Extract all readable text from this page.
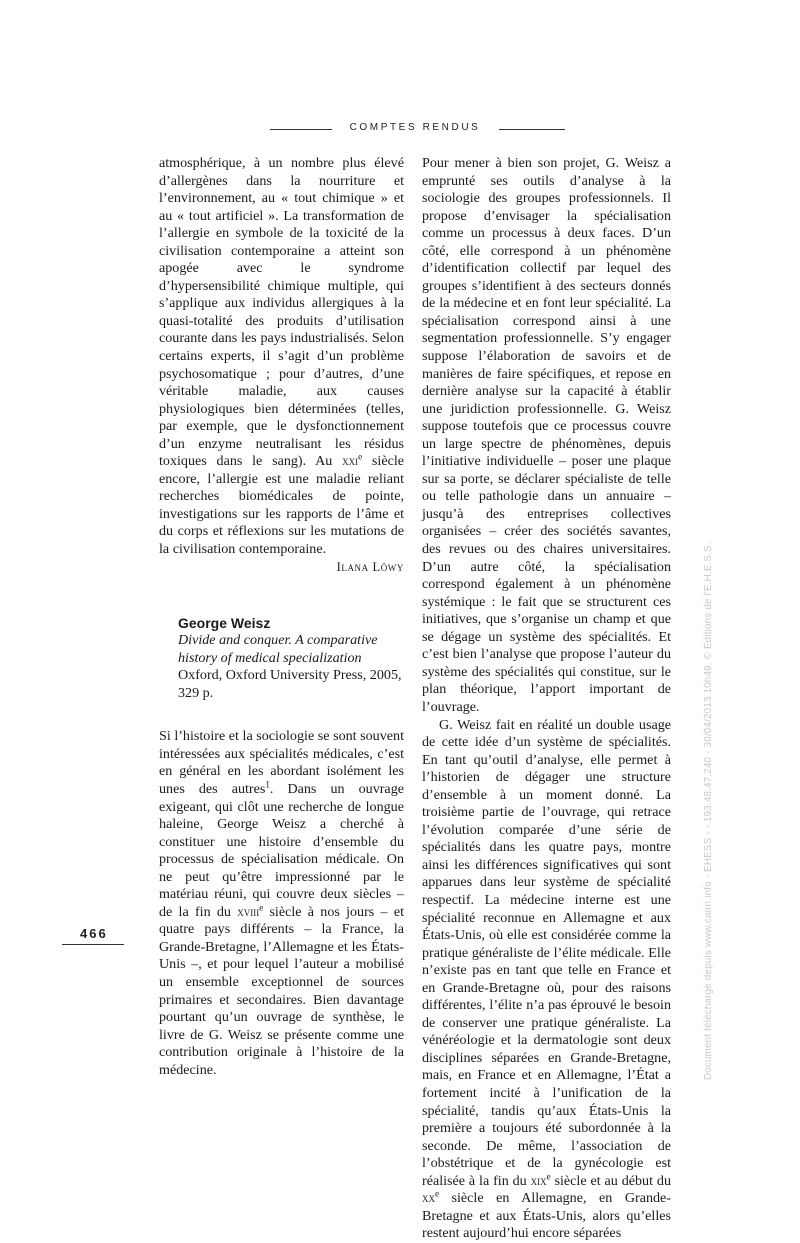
COMPTES RENDUS

atmosphérique, à un nombre plus élevé d’allergènes dans la nourriture et l’environnement, au « tout chimique » et au « tout artificiel ». La transformation de l’allergie en symbole de la toxicité de la civilisation contemporaine a atteint son apogée avec le syndrome d’hypersensibilité chimique multiple, qui s’applique aux individus allergiques à la quasi-totalité des produits d’utilisation courante dans les pays industrialisés. Selon certains experts, il s’agit d’un problème psychosomatique ; pour d’autres, d’une véritable maladie, aux causes physiologiques bien déterminées (telles, par exemple, que le dysfonctionnement d’un enzyme neutralisant les résidus toxiques dans le sang). Au xxi$^e$ siècle encore, l’allergie est une maladie reliant recherches biomédicales de pointe, investigations sur les rapports de l’âme et du corps et réflexions sur les mutations de la civilisation contemporaine.

Ilana Löwy

George Weisz
Divide and conquer. A comparative history of medical specialization
Oxford, Oxford University Press, 2005, 329 p.

Si l’histoire et la sociologie se sont souvent intéressées aux spécialités médicales, c’est en général en les abordant isolément les unes des autres$^1$. Dans un ouvrage exigeant, qui clôt une recherche de longue haleine, George Weisz a cherché à constituer une histoire d’ensemble du processus de spécialisation médicale. On ne peut qu’être impressionné par le matériau réuni, qui couvre deux siècles – de la fin du xviii$^e$ siècle à nos jours – et quatre pays différents – la France, la Grande-Bretagne, l’Allemagne et les États-Unis –, et pour lequel l’auteur a mobilisé un ensemble exceptionnel de sources primaires et secondaires. Bien davantage pourtant qu’un ouvrage de synthèse, le livre de G. Weisz se présente comme une contribution originale à l’histoire de la médecine.

Pour mener à bien son projet, G. Weisz a emprunté ses outils d’analyse à la sociologie des groupes professionnels. Il propose d’envisager la spécialisation comme un processus à deux faces. D’un côté, elle correspond à un phénomène d’identification collectif par lequel des groupes s’identifient à des secteurs donnés de la médecine et en font leur spécialité. La spécialisation correspond ainsi à une segmentation professionnelle. S’y engager suppose l’élaboration de savoirs et de manières de faire spécifiques, et repose en dernière analyse sur la capacité à établir une juridiction professionnelle. G. Weisz suppose toutefois que ce processus couvre un large spectre de phénomènes, depuis l’initiative individuelle – poser une plaque sur sa porte, se déclarer spécialiste de telle ou telle pathologie dans un annuaire – jusqu’à des entreprises collectives organisées – créer des sociétés savantes, des revues ou des chaires universitaires. D’un autre côté, la spécialisation correspond également à un phénomène systémique : le fait que se structurent ces initiatives, que s’organise un champ et que se dégage un système des spécialités. Et c’est bien l’analyse que propose l’auteur du système des spécialités qui constitue, sur le plan théorique, l’apport important de l’ouvrage.

G. Weisz fait en réalité un double usage de cette idée d’un système de spécialités. En tant qu’outil d’analyse, elle permet à l’historien de dégager une structure d’ensemble à un moment donné. La troisième partie de l’ouvrage, qui retrace l’évolution comparée d’une série de spécialités dans les quatre pays, montre ainsi les différences significatives qui sont apparues dans leur système de spécialité respectif. La médecine interne est une spécialité reconnue en Allemagne et aux États-Unis, où elle est considérée comme la pratique généraliste de l’élite médicale. Elle n’existe pas en tant que telle en France et en Grande-Bretagne où, pour des raisons différentes, l’élite n’a pas éprouvé le besoin de conserver une pratique généraliste. La vénéréologie et la dermatologie sont deux disciplines séparées en Grande-Bretagne, mais, en France et en Allemagne, l’État a fortement incité à l’unification de la spécialité, tandis qu’aux États-Unis la première a toujours été subordonnée à la seconde. De même, l’association de l’obstétrique et de la gynécologie est réalisée à la fin du xix$^e$ siècle et au début du $xx^e$ siècle en Allemagne, en Grande-Bretagne et aux États-Unis, alors qu’elles restent aujourd’hui encore séparées

466	Document téléchargé depuis www.cairn.info - EHESS - - 193.48.47.240 - 30/04/2013 10h49. © Éditions de l'E.H.E.S.S.
